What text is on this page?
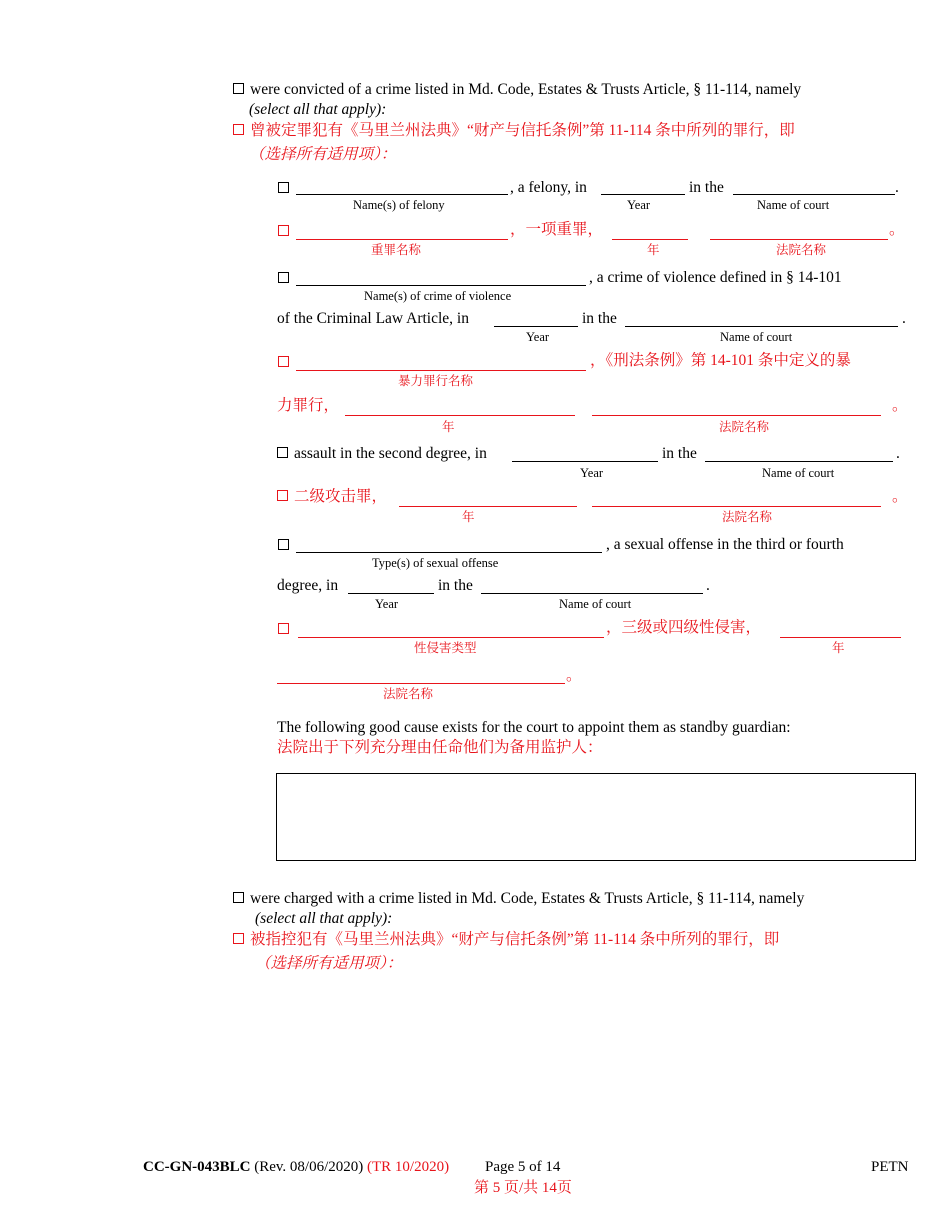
were convicted of a crime listed in Md. Code, Estates & Trusts Article, § 11-114, namely
(select all that apply):
曾被定罪犯有《马里兰州法典》“财产与信托条例”第 11-114 条中所列的罪行，即
（选择所有适用项）：
, a felony, in	in the	.
Name(s) of felony	Year	Name of court
，一项重罪，	。
重罪名称	年	法院名称
, a crime of violence defined in § 14-101
Name(s) of crime of violence
of the Criminal Law Article, in	in the	.
Year	Name of court
，《刑法条例》第 14-101 条中定义的暴
暴力罪行名称
力罪行，	。
年	法院名称
assault in the second degree, in	in the	.
Year	Name of court
二级攻击罪，	。
年	法院名称
, a sexual offense in the third or fourth
Type(s) of sexual offense
degree, in	in the	.
Year	Name of court
，三级或四级性侵害，
性侵害类型	年
。
法院名称
The following good cause exists for the court to appoint them as standby guardian:
法院出于下列充分理由任命他们为备用监护人：
were charged with a crime listed in Md. Code, Estates & Trusts Article, § 11-114, namely
(select all that apply):
被指控犯有《马里兰州法典》“财产与信托条例”第 11-114 条中所列的罪行，即
（选择所有适用项）：
CC-GN-043BLC (Rev. 08/06/2020) (TR 10/2020) Page 5 of 14
第 5 页/共 14页
PETN
